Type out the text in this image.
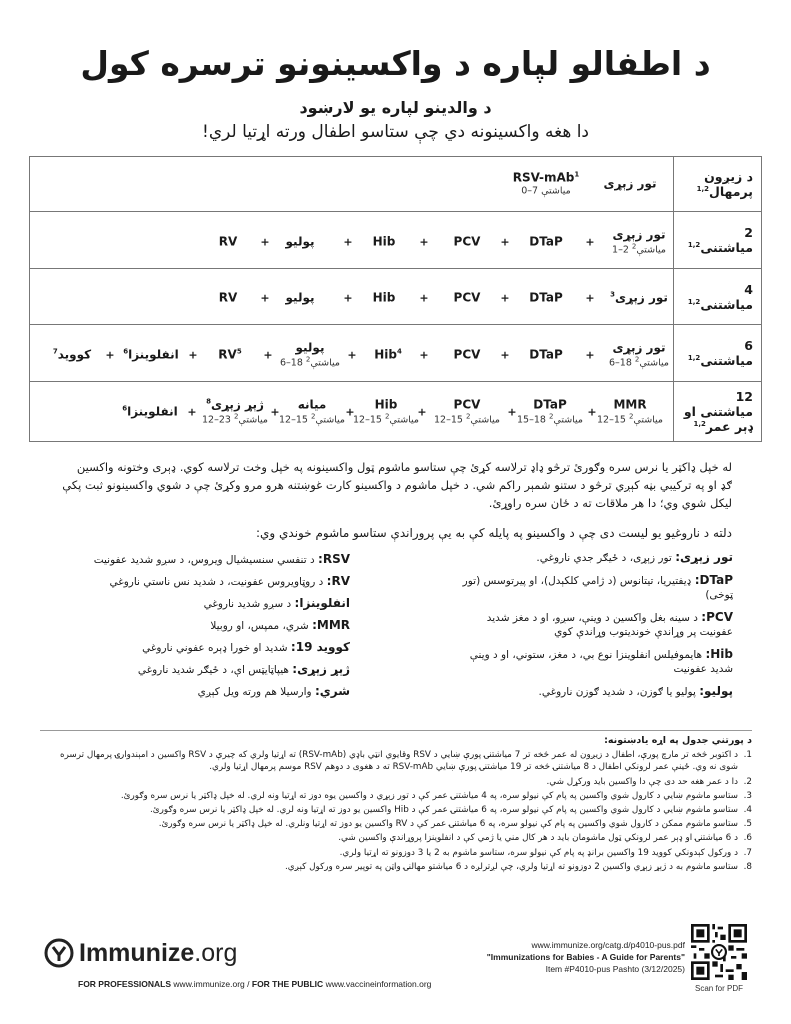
د اطفالو لپاره د واکسینونو ترسره کول
د والدینو لپاره یو لارښود
دا هغه واکسینونه دي چې ستاسو اطفال ورته اړتیا لري!
د زیږون پرمهال$^{1,2}$
تور زېړی
RSV-mAb$^1$
0–7 میاشتې
2 میاشتنی$^{1,2}$
تور زېړی
1–2 میاشتې$^2$
+
DTaP
+
PCV
+
Hib
+
پولیو
+
RV
4 میاشتنی$^{1,2}$
تور زېړی$^3$
+
DTaP
+
PCV
+
Hib
+
پولیو
+
RV
6 میاشتنی$^{1,2}$
تور زېړی
6–18 میاشتې$^2$
+
DTaP
+
PCV
+
Hib$^4$
+
پولیو
6–18 میاشتې$^2$
+
$RV^5$
+
انفلوینزا$^6$
+
کووید$^7$
12 میاشتنی او ډېر عمر$^{1,2}$
MMR
12–15 میاشتې$^2$
+
DTaP
15–18 میاشتې$^2$
+
PCV
12–15 میاشتې$^2$
+
Hib
12–15 میاشتې$^2$
+
میانه
12–15 میاشتې$^2$
+
ژېړ زېړی$^8$
12–23 میاشتې$^2$
+
انفلوینزا$^6$
له خپل ډاکټر یا نرس سره وګورئ ترڅو ډاډ ترلاسه کړئ چې ستاسو ماشوم ټول واکسینونه په خپل وخت ترلاسه کوي. ډېری وختونه واکسین ګډ او په ترکیبي بڼه کېږي ترڅو د ستنو شمېر راکم شي. د خپل ماشوم د واکسینو کارت غوښتنه هرو مرو وکړئ چې د شوي واکسینونو ثبت پکې لیکل شوي وي؛ دا هر ملاقات ته د ځان سره راوړئ.
دلته د ناروغیو یو لیست دی چې د واکسینو په پایله کې به یې پروراندې ستاسو ماشوم خوندي وي:
تور زېړی: تور زېړی، د ځیګر جدي ناروغي.
DTaP: ډیفتیریا، تیتانوس (د ژامي کلکېدل)، او پیرتوسس (تور ټوخی)
PCV: د سینه بغل واکسین د وینې، سږو، او د مغز شدید عفونیت پر وړاندې خوندیتوب وړاندې کوي
Hib: هایموفیلس انفلوینزا نوع بي، د مغز، ستوني، او د وینې شدید عفونیت
پولیو: پولیو یا ګوزن، د شدید ګوزن ناروغي.
RSV: د تنفسي سنسیشیال ویروس، د سږو شدید عفونیت
RV: د روټاویروس عفونیت، د شدید نس ناستي ناروغي
انفلوینزا: د سږو شدید ناروغي
MMR: شري، ممپس، او روبیلا
کووید 19: شدید او خورا ډېره عفوني ناروغي
ژېړ زېړی: هیپاټایټس اې، د ځیګر شدید ناروغي
شري: وارسیلا هم ورته ویل کېږي
د پورتني جدول په اړه یادښتونه:
1.
د اکتوبر څخه تر مارچ پورې، اطفال د زیږون له عمر څخه تر 7 میاشتنۍ پورې ښایي د RSV وقایوي انټي باډي (RSV-mAb) ته اړتیا ولري که چیرې د RSV واکسین د امېندوارۍ پرمهال ترسره شوی نه وي. ځینې عمر لرونکي اطفال د 8 میاشتنۍ څخه تر 19 میاشتنۍ پورې ښایي RSV-mAb ته د هغوی د دوهم RSV موسم پرمهال اړتیا ولري.
2.
دا د عمر هغه حد دی چې دا واکسین باید ورکړل شي.
3.
ستاسو ماشوم ښایي د کارول شوي واکسین په پام کې نیولو سره، په 4 میاشتنۍ عمر کې د تور زېړي د واکسین یوه دوز ته اړتیا ونه لري. له خپل ډاکټر یا نرس سره وګورئ.
4.
ستاسو ماشوم ښایي د کارول شوي واکسین په پام کې نیولو سره، په 6 میاشتنۍ عمر کې د Hib واکسین یو دوز ته اړتیا ونه لري. له خپل ډاکټر یا نرس سره وګورئ.
5.
ستاسو ماشوم ممکن د کارول شوي واکسین په پام کې نیولو سره، په 6 میاشتنۍ عمر کې د RV واکسین یو دوز ته اړتیا ونلري. له خپل ډاکټر یا نرس سره وګورئ.
6.
د 6 میاشتنۍ او ډېر عمر لرونکي ټول ماشومان باید د هر کال مني یا ژمي کې د انفلوینزا پروړاندې واکسین شي.
7.
د ورکول کېدونکي کووید 19 واکسین برانډ په پام کې نیولو سره، ستاسو ماشوم به 2 یا 3 دوزونو ته اړتیا ولري.
8.
ستاسو ماشوم به د ژېړ زېړي واکسین 2 دوزونو ته اړتیا ولري، چې لږترلږه د 6 میاشتو مهالنۍ واټن په توپیر سره ورکول کېږي.
Immunize.org
FOR PROFESSIONALS www.immunize.org / FOR THE PUBLIC www.vaccineinformation.org
www.immunize.org/catg.d/p4010-pus.pdf
"Immunizations for Babies - A Guide for Parents"
Item #P4010-pus Pashto (3/12/2025)
Scan for PDF
